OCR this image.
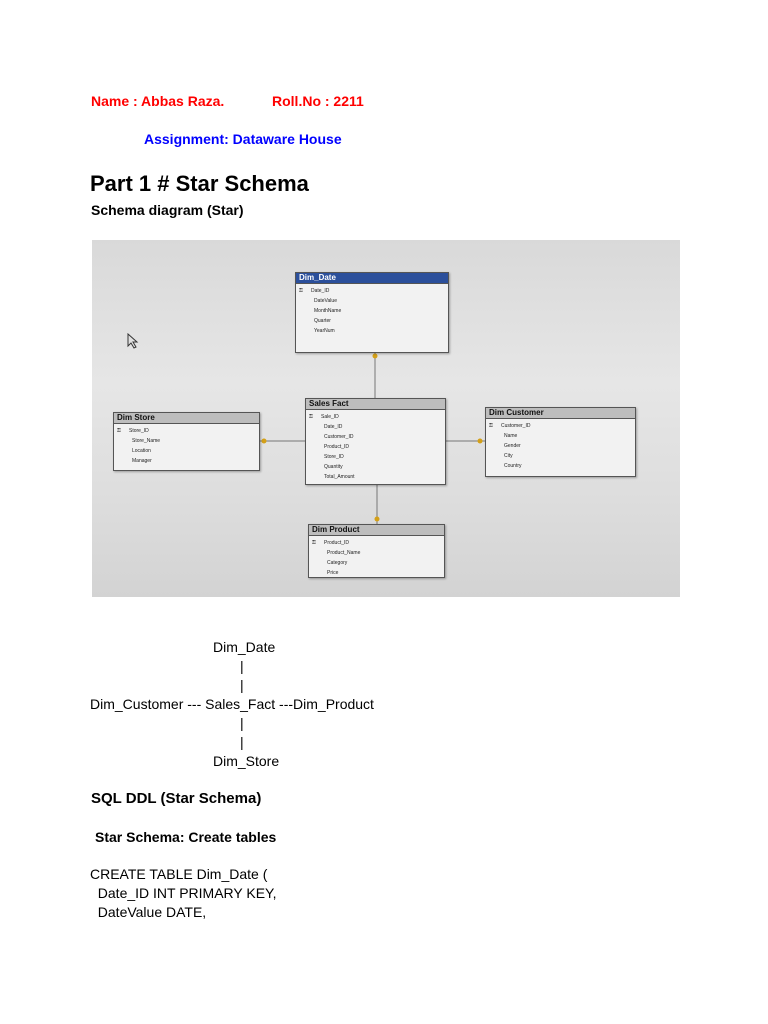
Name : Abbas Raza.	Roll.No : 2211
Assignment: Dataware House
Part 1 # Star Schema
Schema diagram (Star)
Dim_Date
⚿ Date_ID
DateValue
MonthName
Quarter
YearNum
Sales Fact
⚿ Sale_ID
Date_ID
Customer_ID
Product_ID
Store_ID
Quantity
Total_Amount
Dim Store
⚿ Store_ID
Store_Name
Location
Manager
Dim Customer
⚿ Customer_ID
Name
Gender
City
Country
Dim Product
⚿ Product_ID
Product_Name
Category
Price
Dim_Date
|
|
Dim_Customer --- Sales_Fact ---Dim_Product
|
|
Dim_Store
SQL DDL (Star Schema)
Star Schema: Create tables
CREATE TABLE Dim_Date (
Date_ID INT PRIMARY KEY,
DateValue DATE,
